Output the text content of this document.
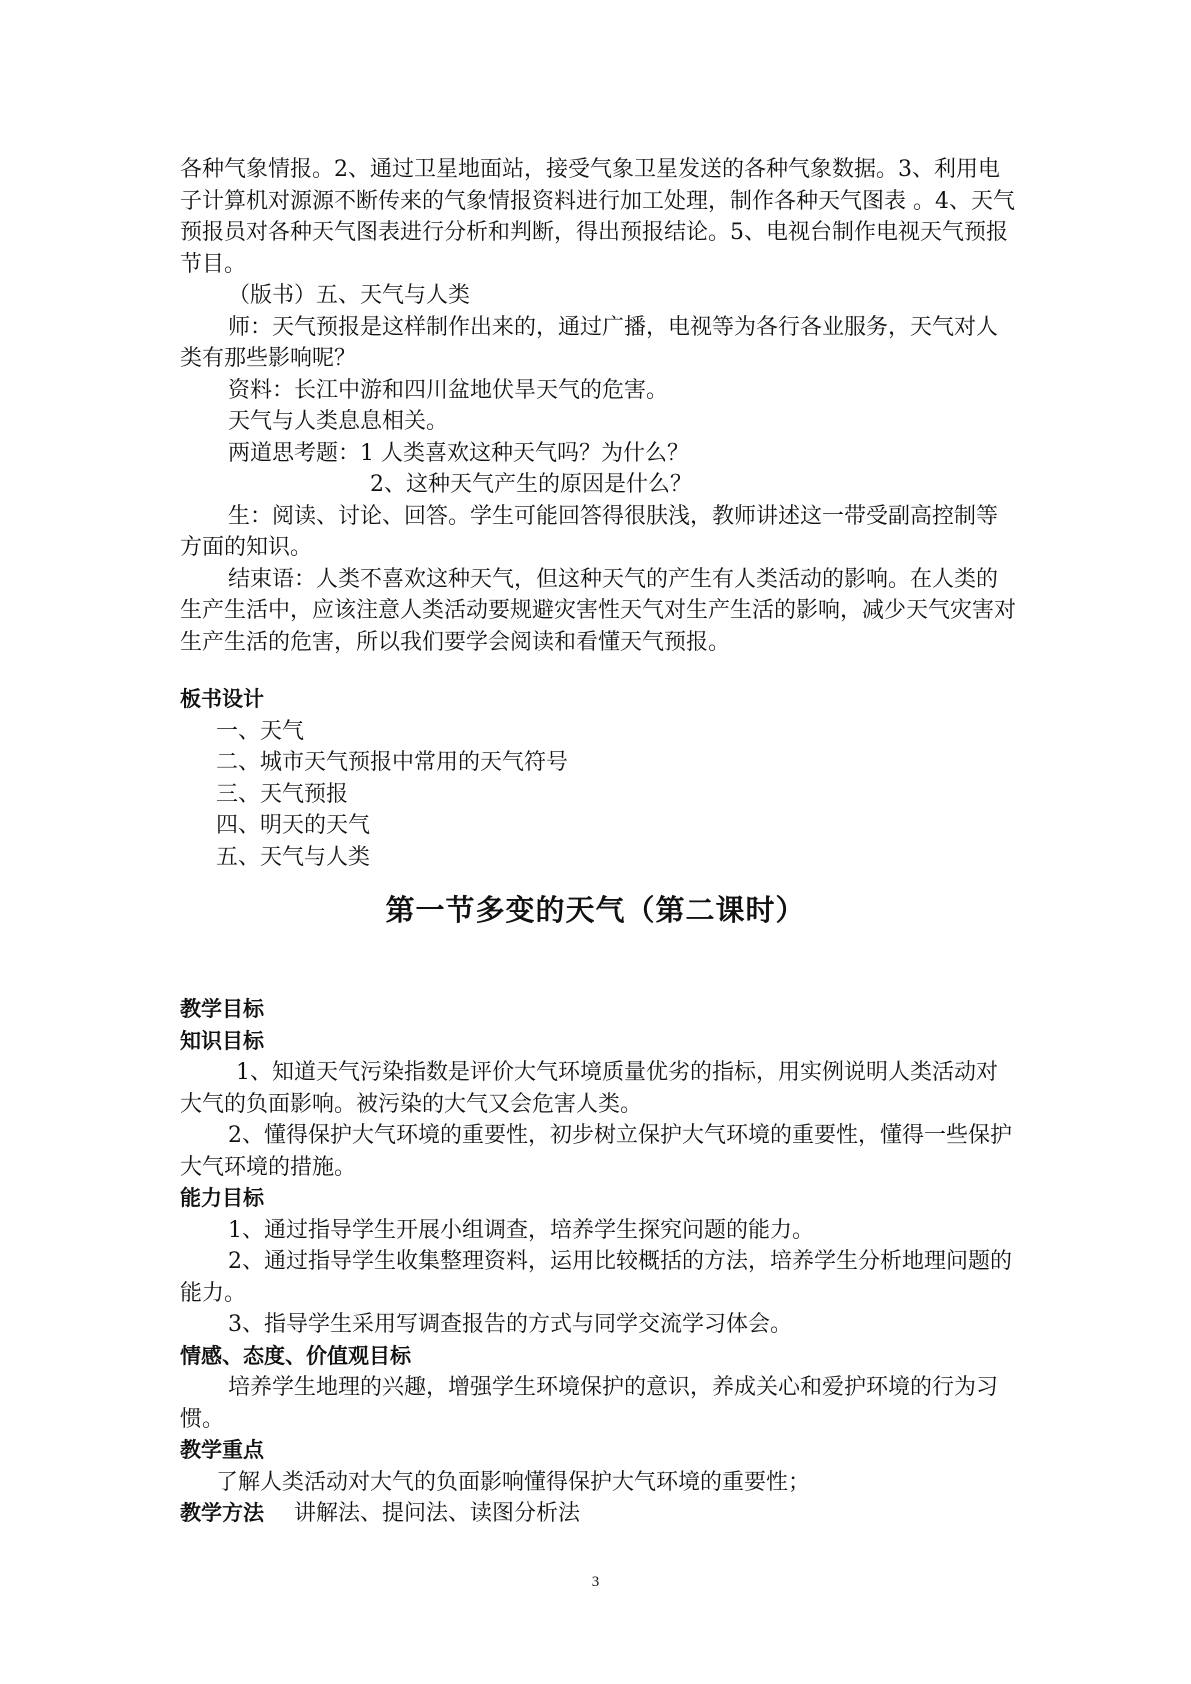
各种气象情报。2、通过卫星地面站，接受气象卫星发送的各种气象数据。3、利用电子计算机对源源不断传来的气象情报资料进行加工处理，制作各种天气图表 。4、天气预报员对各种天气图表进行分析和判断，得出预报结论。5、电视台制作电视天气预报节目。

（版书）五、天气与人类

师：天气预报是这样制作出来的，通过广播，电视等为各行各业服务，天气对人类有那些影响呢？

资料：长江中游和四川盆地伏旱天气的危害。

天气与人类息息相关。

两道思考题：1 人类喜欢这种天气吗？为什么？

2、这种天气产生的原因是什么？

生：阅读、讨论、回答。学生可能回答得很肤浅，教师讲述这一带受副高控制等方面的知识。

结束语：人类不喜欢这种天气，但这种天气的产生有人类活动的影响。在人类的生产生活中，应该注意人类活动要规避灾害性天气对生产生活的影响，减少天气灾害对生产生活的危害，所以我们要学会阅读和看懂天气预报。

板书设计

一、天气

二、城市天气预报中常用的天气符号

三、天气预报

四、明天的天气

五、天气与人类

第一节多变的天气（第二课时）

教学目标

知识目标

1、知道天气污染指数是评价大气环境质量优劣的指标，用实例说明人类活动对大气的负面影响。被污染的大气又会危害人类。

2、懂得保护大气环境的重要性，初步树立保护大气环境的重要性，懂得一些保护大气环境的措施。

能力目标

1、通过指导学生开展小组调查，培养学生探究问题的能力。

2、通过指导学生收集整理资料，运用比较概括的方法，培养学生分析地理问题的能力。

3、指导学生采用写调查报告的方式与同学交流学习体会。

情感、态度、价值观目标

培养学生地理的兴趣，增强学生环境保护的意识，养成关心和爱护环境的行为习惯。

教学重点

了解人类活动对大气的负面影响懂得保护大气环境的重要性；

教学方法 讲解法、提问法、读图分析法
3
